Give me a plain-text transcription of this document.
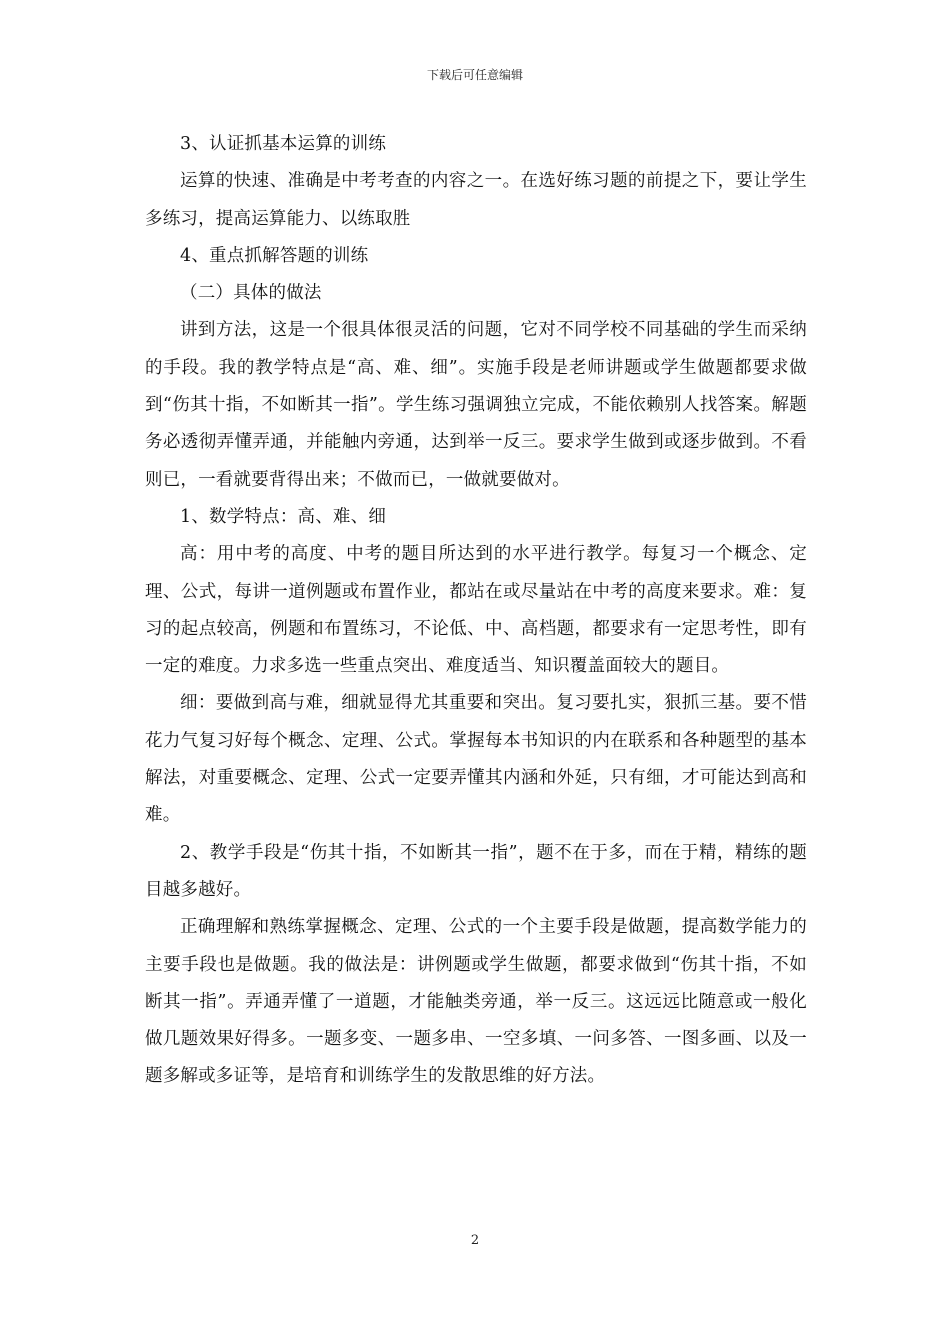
下载后可任意编辑

3、认证抓基本运算的训练

运算的快速、准确是中考考查的内容之一。在选好练习题的前提之下，要让学生多练习，提高运算能力、以练取胜

4、重点抓解答题的训练

（二）具体的做法

讲到方法，这是一个很具体很灵活的问题，它对不同学校不同基础的学生而采纳的手段。我的教学特点是“高、难、细”。实施手段是老师讲题或学生做题都要求做到“伤其十指，不如断其一指”。学生练习强调独立完成，不能依赖别人找答案。解题务必透彻弄懂弄通，并能触内旁通，达到举一反三。要求学生做到或逐步做到。不看则已，一看就要背得出来；不做而已，一做就要做对。

1、数学特点：高、难、细

高：用中考的高度、中考的题目所达到的水平进行教学。每复习一个概念、定理、公式，每讲一道例题或布置作业，都站在或尽量站在中考的高度来要求。难：复习的起点较高，例题和布置练习，不论低、中、高档题，都要求有一定思考性，即有一定的难度。力求多选一些重点突出、难度适当、知识覆盖面较大的题目。

细：要做到高与难，细就显得尤其重要和突出。复习要扎实，狠抓三基。要不惜花力气复习好每个概念、定理、公式。掌握每本书知识的内在联系和各种题型的基本解法，对重要概念、定理、公式一定要弄懂其内涵和外延，只有细，才可能达到高和难。

2、教学手段是“伤其十指，不如断其一指”，题不在于多，而在于精，精练的题目越多越好。

正确理解和熟练掌握概念、定理、公式的一个主要手段是做题，提高数学能力的主要手段也是做题。我的做法是：讲例题或学生做题，都要求做到“伤其十指，不如断其一指”。弄通弄懂了一道题，才能触类旁通，举一反三。这远远比随意或一般化做几题效果好得多。一题多变、一题多串、一空多填、一问多答、一图多画、以及一题多解或多证等，是培育和训练学生的发散思维的好方法。

2
